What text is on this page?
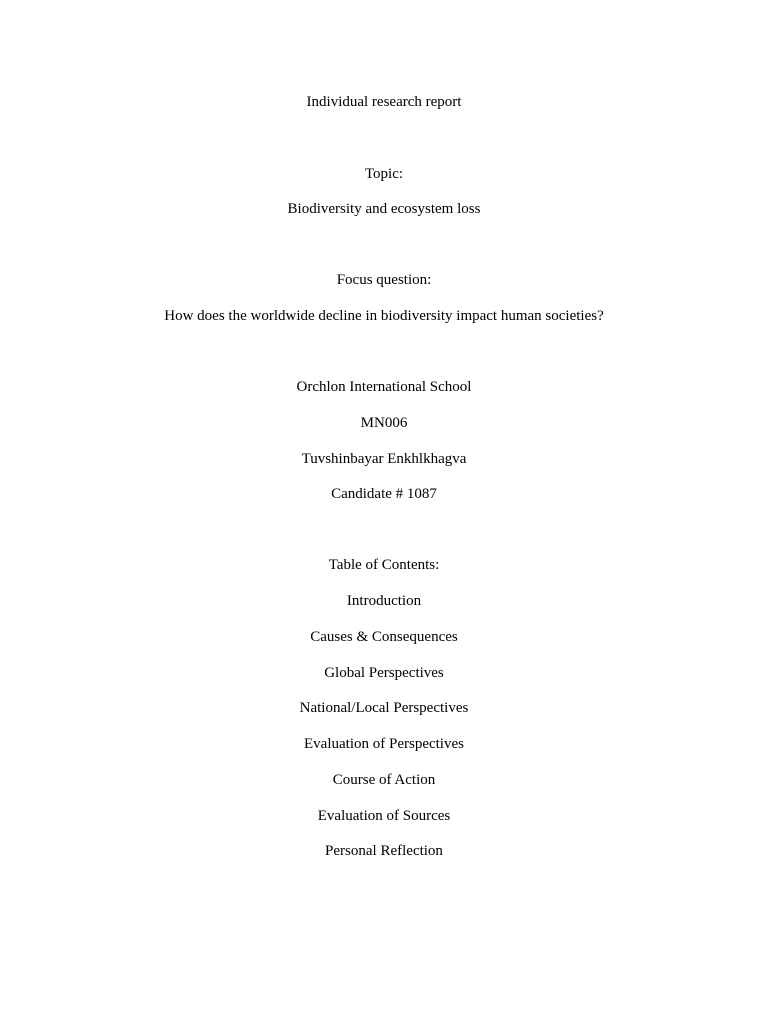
Individual research report
Topic:
Biodiversity and ecosystem loss
Focus question:
How does the worldwide decline in biodiversity impact human societies?
Orchlon International School
MN006
Tuvshinbayar Enkhlkhagva
Candidate # 1087
Table of Contents:
Introduction
Causes & Consequences
Global Perspectives
National/Local Perspectives
Evaluation of Perspectives
Course of Action
Evaluation of Sources
Personal Reflection
